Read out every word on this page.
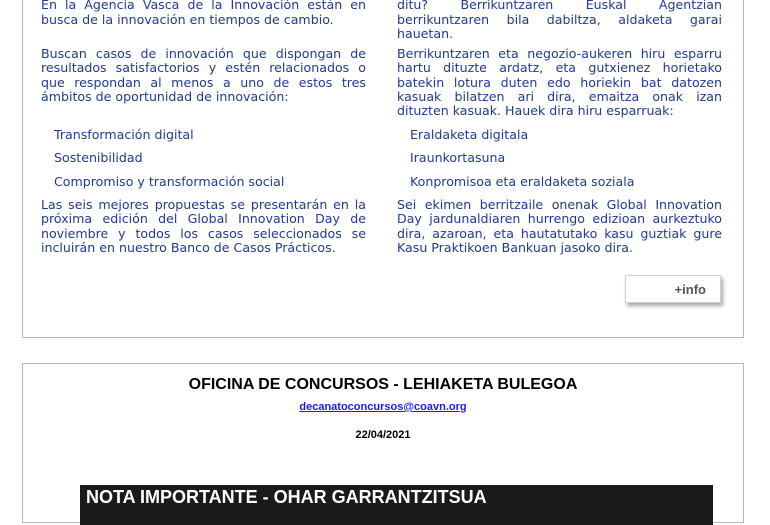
En la Agencia Vasca de la Innovación están en busca de la innovación en tiempos de cambio.

Buscan casos de innovación que dispongan de resultados satisfactorios y estén relacionados o que respondan al menos a uno de estos tres ámbitos de oportunidad de innovación:

Transformación digital
Sostenibilidad
Compromiso y transformación social

Las seis mejores propuestas se presentarán en la próxima edición del Global Innovation Day de noviembre y todos los casos seleccionados se incluirán en nuestro Banco de Casos Prácticos.

ditu? Berrikuntzaren Euskal Agentzian berrikuntzaren bila dabiltza, aldaketa garai hauetan.

Berrikuntzaren eta negozio-aukeren hiru esparru hartu dituzte ardatz, eta gutxienez horietako batekin lotura duten edo horiekin bat datozen kasuak bilatzen ari dira, emaitza onak izan dituzten kasuak. Hauek dira hiru esparruak:

Eraldaketa digitala
Iraunkortasuna
Konpromisoa eta eraldaketa soziala

Sei ekimen berritzaile onenak Global Innovation Day jardunaldiaren hurrengo edizioan aurkeztuko dira, azaroan, eta hautatutako kasu guztiak gure Kasu Praktikoen Bankuan jasoko dira.

+info
OFICINA DE CONCURSOS - LEHIAKETA BULEGOA
decanatoconcursos@coavn.org
22/04/2021
NOTA IMPORTANTE - OHAR GARRANTZITSUA
